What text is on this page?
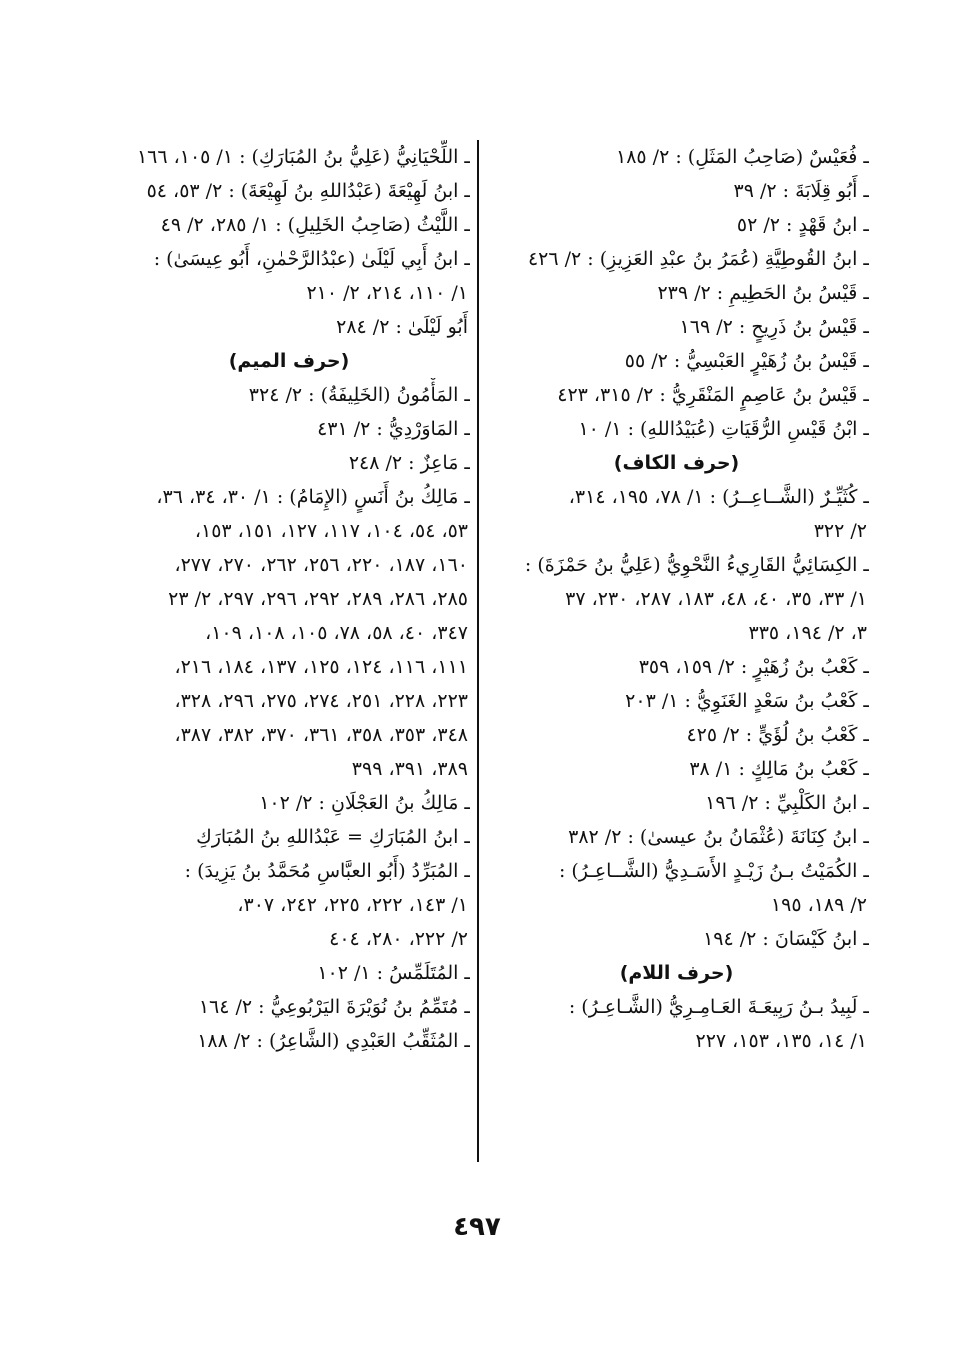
ـ فُعَيْسٌ (صَاحِبُ المَثَلِ) : ٢/ ١٨٥
ـ أَبُو قِلَابَةَ : ٢/ ٣٩
ـ ابنُ قَهْدٍ : ٢/ ٥٢
ـ ابنُ القُوطِيَّةِ (عُمَرُ بنُ عبْدِ العَزِيزِ) : ٢/ ٤٢٦
ـ قَيْسُ بنُ الحَطِيمِ : ٢/ ٢٣٩
ـ قَيْسُ بنُ ذَرِيحٍ : ٢/ ١٦٩
ـ قَيْسُ بنُ زُهَيْرٍ العَبْسِيُّ : ٢/ ٥٥
ـ قَيْسُ بنُ عَاصِمٍ المَنْقَرِيُّ : ٢/ ٣١٥، ٤٢٣
ـ ابْنُ قَيْسِ الرُّقَيَاتِ (عُبَيْدُاللهِ) : ١/ ١٠
(حرف الكاف)
ـ كُثَيِّـرٌ (الشَّــاعِــرُ) : ١/ ٧٨، ١٩٥، ٣١٤،
٢/ ٣٢٢
ـ الكِسَائِيُّ القَارِيءُ النَّحْوِيُّ (عَلِيُّ بنُ حَمْزَةَ) :
١/ ٣٣، ٣٥، ٤٠، ٤٨، ١٨٣، ٢٨٧، ٢٣٠، ٣٧
٣، ٢/ ١٩٤، ٣٣٥
ـ كَعْبُ بنُ زُهَيْرٍ : ٢/ ١٥٩، ٣٥٩
ـ كَعْبُ بنُ سَعْدٍ الغَنَوِيُّ : ١/ ٢٠٣
ـ كَعْبُ بنُ لُؤَيٍّ : ٢/ ٤٢٥
ـ كَعْبُ بنُ مَالِكٍ : ١/ ٣٨
ـ ابنُ الكَلْبِيِّ : ٢/ ١٩٦
ـ ابنُ كِنَانَةَ (عُثْمَانُ بنُ عيسىٰ) : ٢/ ٣٨٢
ـ الكُمَيْتُ بـنُ زَيْـدٍ الأَسَـدِيُّ (الشَّــاعِـرُ) :
٢/ ١٨٩، ١٩٥
ـ ابنُ كَيْسَانَ : ٢/ ١٩٤
(حرف اللام)
ـ لَبِيدُ بـنُ رَبِيعَـةَ العَـامِـرِيُّ (الشَّـاعِـرُ) :
١/ ١٤، ١٣٥، ١٥٣، ٢٢٧
ـ اللِّحْيَانِيُّ (عَلِيُّ بنُ المُبَارَكِ) : ١/ ١٠٥، ١٦٦
ـ ابنُ لَهِيْعَةَ (عَبْدُاللهِ بنُ لَهِيْعَةَ) : ٢/ ٥٣، ٥٤
ـ اللَّيْثُ (صَاحِبُ الخَلِيلِ) : ١/ ٢٨٥، ٢/ ٤٩
ـ ابنُ أَبِي لَيْلَىٰ (عبْدُالرَّحْمٰنِ، أَبُو عِيسَىٰ) :
١/ ١١٠، ٢١٤، ٢/ ٢١٠
أَبُو لَيْلَىٰ : ٢/ ٢٨٤
(حرف الميم)
ـ المَأْمُونُ (الخَلِيفَةُ) : ٢/ ٣٢٤
ـ المَاوَرْدِيُّ : ٢/ ٤٣١
ـ مَاعِزٌ : ٢/ ٢٤٨
ـ مَالِكُ بنُ أَنَسٍ (الإِمَامُ) : ١/ ٣٠، ٣٤، ٣٦،
٥٣، ٥٤، ١٠٤، ١١٧، ١٢٧، ١٥١، ١٥٣،
١٦٠، ١٨٧، ٢٢٠، ٢٥٦، ٢٦٢، ٢٧٠، ٢٧٧،
٢٨٥، ٢٨٦، ٢٨٩، ٢٩٢، ٢٩٦، ٢٩٧، ٢/ ٢٣
٣٤٧، ٤٠، ٥٨، ٧٨، ١٠٥، ١٠٨، ١٠٩،
١١١، ١١٦، ١٢٤، ١٢٥، ١٣٧، ١٨٤، ٢١٦،
٢٢٣، ٢٢٨، ٢٥١، ٢٧٤، ٢٧٥، ٢٩٦، ٣٢٨،
٣٤٨، ٣٥٣، ٣٥٨، ٣٦١، ٣٧٠، ٣٨٢، ٣٨٧،
٣٨٩، ٣٩١، ٣٩٩
ـ مَالِكُ بنُ العَجْلَانِ : ٢/ ١٠٢
ـ ابنُ المُبَارَكِ = عَبْدُاللهِ بنُ المُبَارَكِ
ـ المُبَرِّدُ (أَبُو العبَّاسِ مُحَمَّدُ بنُ يَزِيدَ) :
١/ ١٤٣، ٢٢٢، ٢٢٥، ٢٤٢، ٣٠٧،
٢/ ٢٢٢، ٢٨٠، ٤٠٤
ـ المُتَلَمِّسُ : ١/ ١٠٢
ـ مُتَمِّمُ بنُ نُوَيْرَةَ اليَرْبُوعِيُّ : ٢/ ١٦٤
ـ المُثَقِّبُ العَبْدِي (الشَّاعِرُ) : ٢/ ١٨٨
٤٩٧
